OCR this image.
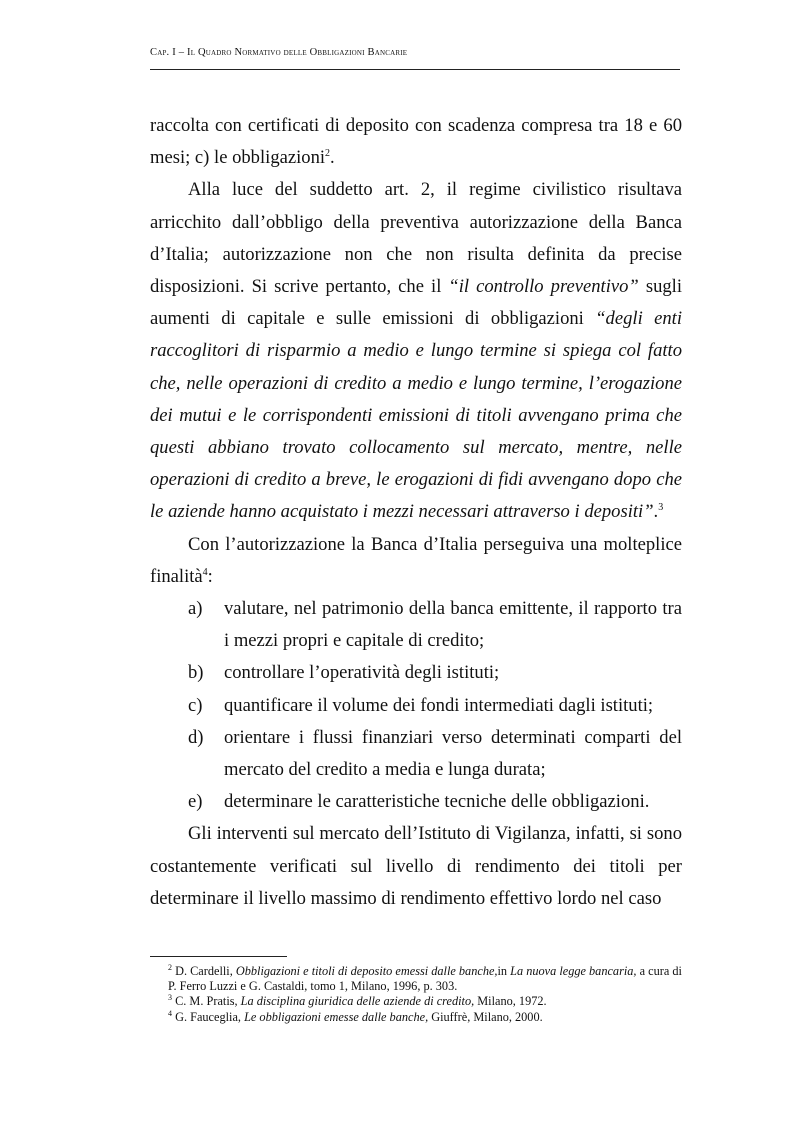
Cap. I – Il Quadro Normativo delle Obbligazioni Bancarie

raccolta con certificati di deposito con scadenza compresa tra 18 e 60 mesi; c) le obbligazioni$^2$.

Alla luce del suddetto art. 2, il regime civilistico risultava arricchito dall’obbligo della preventiva autorizzazione della Banca d’Italia; autorizzazione non che non risulta definita da precise disposizioni. Si scrive pertanto, che il “il controllo preventivo” sugli aumenti di capitale e sulle emissioni di obbligazioni “degli enti raccoglitori di risparmio a medio e lungo termine si spiega col fatto che, nelle operazioni di credito a medio e lungo termine, l’erogazione dei mutui e le corrispondenti emissioni di titoli avvengano prima che questi abbiano trovato collocamento sul mercato, mentre, nelle operazioni di credito a breve, le erogazioni di fidi avvengano dopo che le aziende hanno acquistato i mezzi necessari attraverso i depositi”.$^3$

Con l’autorizzazione la Banca d’Italia perseguiva una molteplice finalità$^4$:

a) valutare, nel patrimonio della banca emittente, il rapporto tra i mezzi propri e capitale di credito;
b) controllare l’operatività degli istituti;
c) quantificare il volume dei fondi intermediati dagli istituti;
d) orientare i flussi finanziari verso determinati comparti del mercato del credito a media e lunga durata;
e) determinare le caratteristiche tecniche delle obbligazioni.

Gli interventi sul mercato dell’Istituto di Vigilanza, infatti, si sono costantemente verificati sul livello di rendimento dei titoli per determinare il livello massimo di rendimento effettivo lordo nel caso

$^2$ D. Cardelli, Obbligazioni e titoli di deposito emessi dalle banche,in La nuova legge bancaria, a cura di P. Ferro Luzzi e G. Castaldi, tomo 1, Milano, 1996, p. 303.

$^3$ C. M. Pratis, La disciplina giuridica delle aziende di credito, Milano, 1972.

$^4$ G. Fauceglia, Le obbligazioni emesse dalle banche, Giuffrè, Milano, 2000.
